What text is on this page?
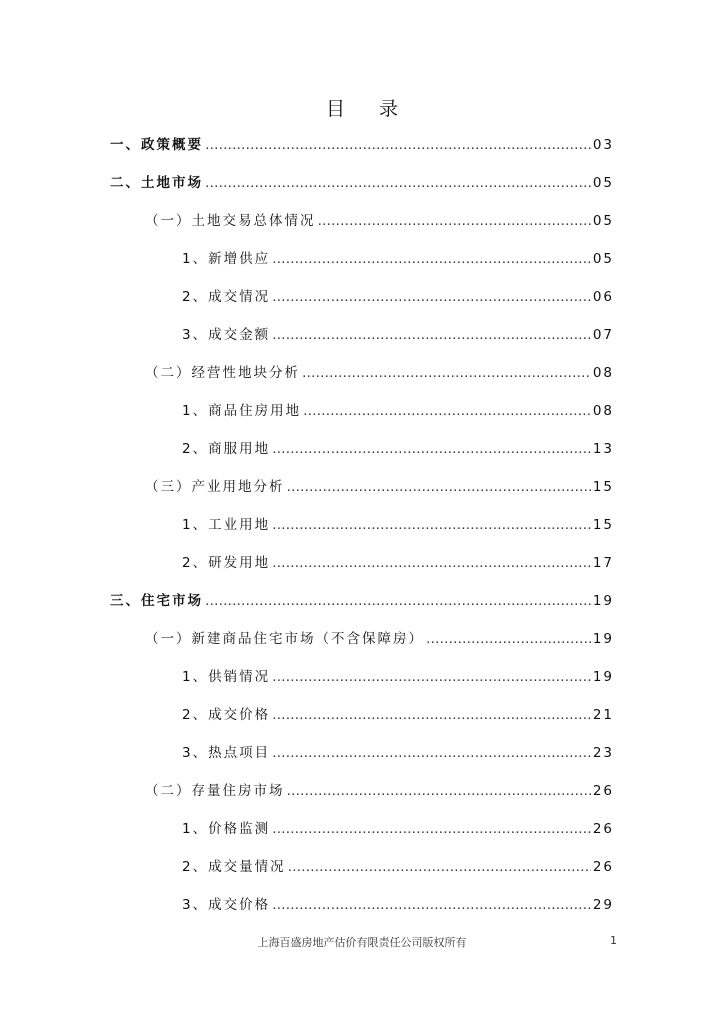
目 录
一、政策概要 …………………………………………………………………………………………………………………………………………………………………………………………………………	03
二、土地市场 …………………………………………………………………………………………………………………………………………………………………………………………………………	05
（一）土地交易总体情况 …………………………………………………………………………………………………………………………………………………………………………………………………………	05
1、新增供应 …………………………………………………………………………………………………………………………………………………………………………………………………………	05
2、成交情况 …………………………………………………………………………………………………………………………………………………………………………………………………………	06
3、成交金额 …………………………………………………………………………………………………………………………………………………………………………………………………………	07
（二）经营性地块分析 …………………………………………………………………………………………………………………………………………………………………………………………………………	08
1、商品住房用地 …………………………………………………………………………………………………………………………………………………………………………………………………………	08
2、商服用地 …………………………………………………………………………………………………………………………………………………………………………………………………………	13
（三）产业用地分析 …………………………………………………………………………………………………………………………………………………………………………………………………………	15
1、工业用地 …………………………………………………………………………………………………………………………………………………………………………………………………………	15
2、研发用地 …………………………………………………………………………………………………………………………………………………………………………………………………………	17
三、住宅市场 …………………………………………………………………………………………………………………………………………………………………………………………………………	19
（一）新建商品住宅市场（不含保障房） …………………………………………………………………………………………………………………………………………………………………………………………………………	19
1、供销情况 …………………………………………………………………………………………………………………………………………………………………………………………………………	19
2、成交价格 …………………………………………………………………………………………………………………………………………………………………………………………………………	21
3、热点项目 …………………………………………………………………………………………………………………………………………………………………………………………………………	23
（二）存量住房市场 …………………………………………………………………………………………………………………………………………………………………………………………………………	26
1、价格监测 …………………………………………………………………………………………………………………………………………………………………………………………………………	26
2、成交量情况 …………………………………………………………………………………………………………………………………………………………………………………………………………	26
3、成交价格 …………………………………………………………………………………………………………………………………………………………………………………………………………	29
上海百盛房地产估价有限责任公司版权所有	1
